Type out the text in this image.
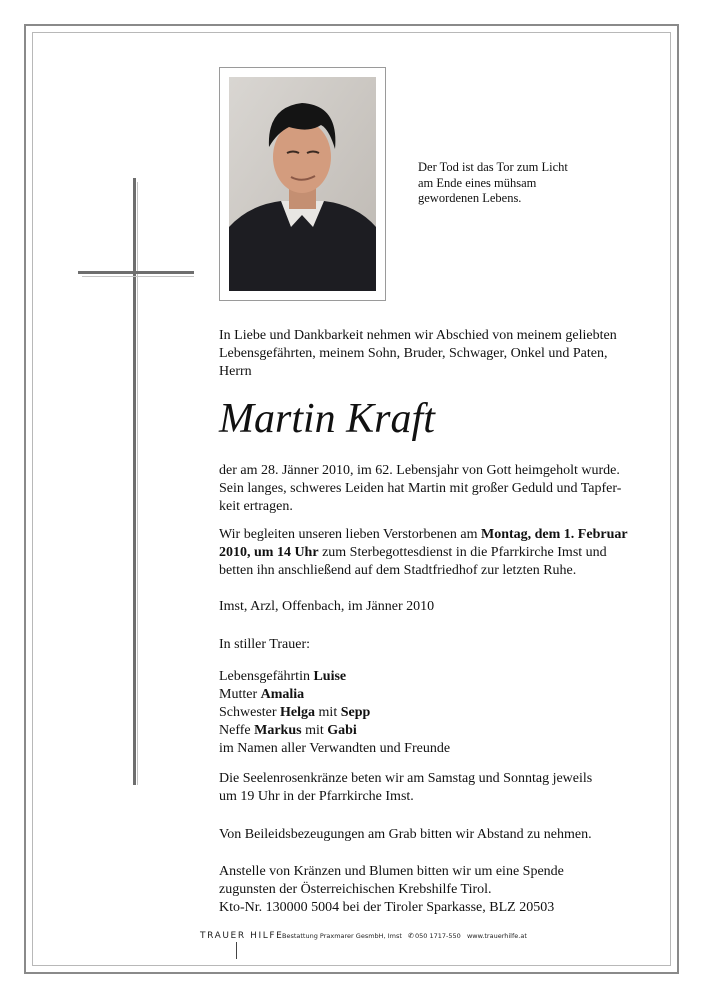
Der Tod ist das Tor zum Licht
am Ende eines mühsam
gewordenen Lebens.
In Liebe und Dankbarkeit nehmen wir Abschied von meinem geliebten
Lebensgefährten, meinem Sohn, Bruder, Schwager, Onkel und Paten,
Herrn
Martin Kraft
der am 28. Jänner 2010, im 62. Lebensjahr von Gott heimgeholt wurde.
Sein langes, schweres Leiden hat Martin mit großer Geduld und Tapfer-
keit ertragen.
Wir begleiten unseren lieben Verstorbenen am Montag, dem 1. Februar
2010, um 14 Uhr zum Sterbegottesdienst in die Pfarrkirche Imst und
betten ihn anschließend auf dem Stadtfriedhof zur letzten Ruhe.
Imst, Arzl, Offenbach, im Jänner 2010
In stiller Trauer:
Lebensgefährtin Luise
Mutter Amalia
Schwester Helga mit Sepp
Neffe Markus mit Gabi
im Namen aller Verwandten und Freunde
Die Seelenrosenkränze beten wir am Samstag und Sonntag jeweils
um 19 Uhr in der Pfarrkirche Imst.
Von Beileidsbezeugungen am Grab bitten wir Abstand zu nehmen.
Anstelle von Kränzen und Blumen bitten wir um eine Spende
zugunsten der Österreichischen Krebshilfe Tirol.
Kto-Nr. 130000 5004 bei der Tiroler Sparkasse, BLZ 20503
TRAUER HILFE
Bestattung Praxmarer GesmbH, Imst ✆050 1717-550 www.trauerhilfe.at
